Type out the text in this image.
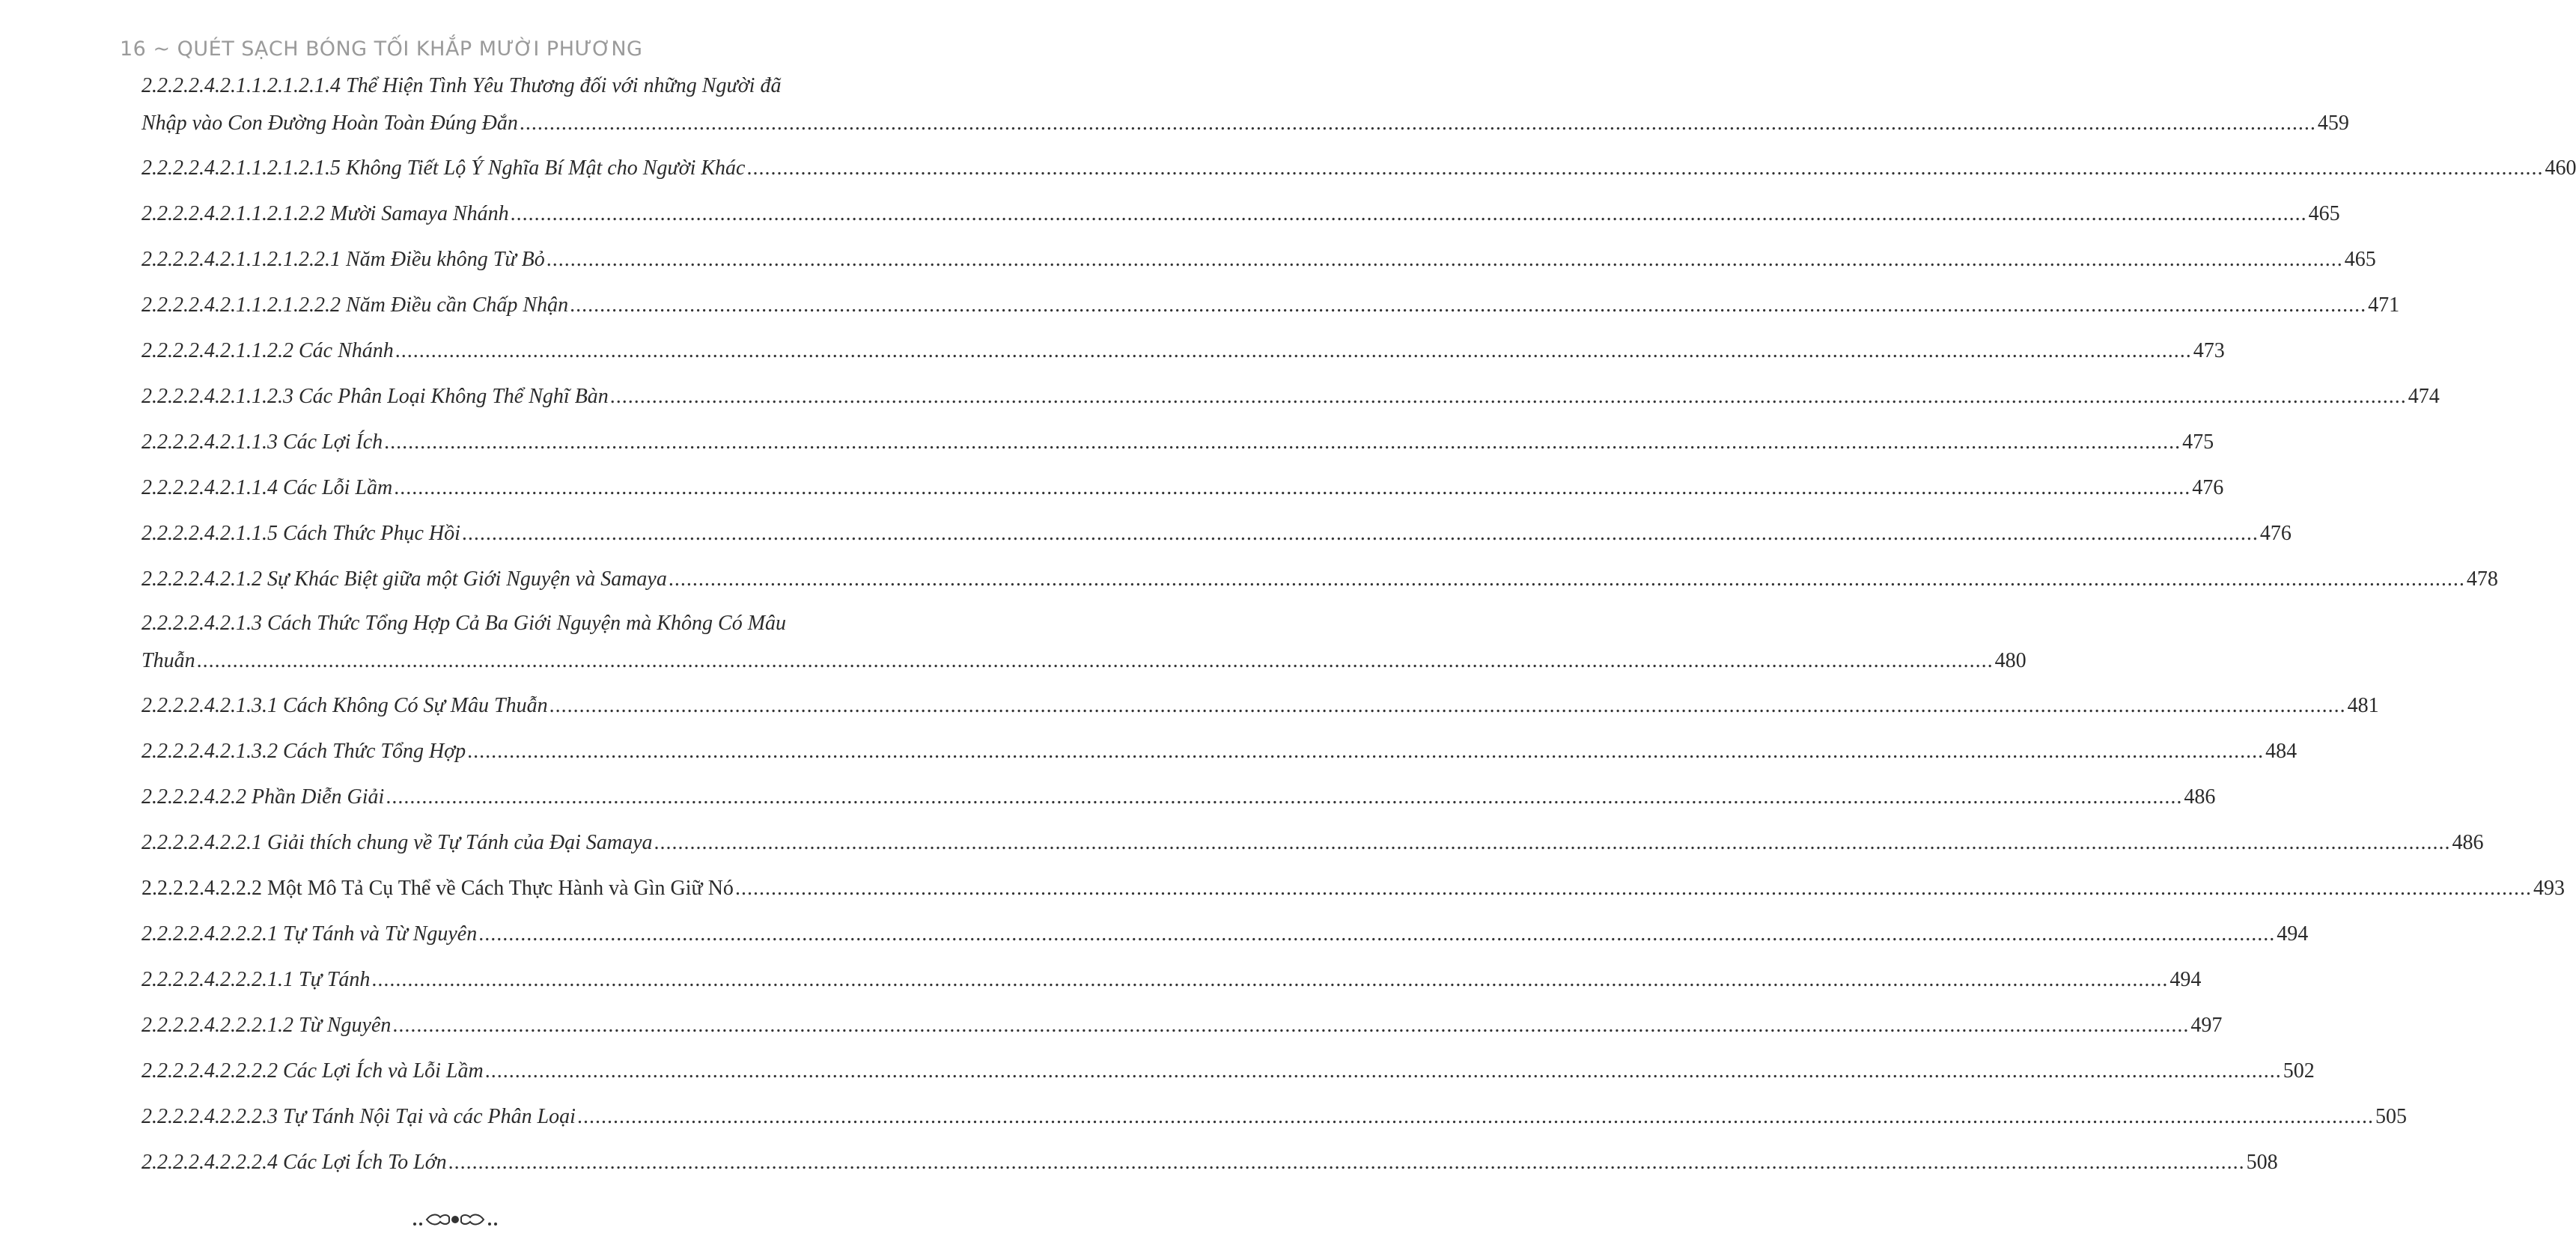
16 ~ QUÉT SẠCH BÓNG TỐI KHẮP MƯỜI PHƯƠNG
2.2.2.2.4.2.1.1.2.1.2.1.4 Thể Hiện Tình Yêu Thương đối với những Người đã
Nhập vào Con Đường Hoàn Toàn Đúng Đắn ............................................................................................................................................................................................................................................................................................................ 459
2.2.2.2.4.2.1.1.2.1.2.1.5 Không Tiết Lộ Ý Nghĩa Bí Mật cho Người Khác ............................................................................................................................................................................................................................................................................................................ 460
2.2.2.2.4.2.1.1.2.1.2.2 Mười Samaya Nhánh ............................................................................................................................................................................................................................................................................................................ 465
2.2.2.2.4.2.1.1.2.1.2.2.1 Năm Điều không Từ Bỏ ............................................................................................................................................................................................................................................................................................................ 465
2.2.2.2.4.2.1.1.2.1.2.2.2 Năm Điều cần Chấp Nhận ............................................................................................................................................................................................................................................................................................................ 471
2.2.2.2.4.2.1.1.2.2 Các Nhánh ............................................................................................................................................................................................................................................................................................................ 473
2.2.2.2.4.2.1.1.2.3 Các Phân Loại Không Thể Nghĩ Bàn ............................................................................................................................................................................................................................................................................................................ 474
2.2.2.2.4.2.1.1.3 Các Lợi Ích ............................................................................................................................................................................................................................................................................................................ 475
2.2.2.2.4.2.1.1.4 Các Lỗi Lầm ............................................................................................................................................................................................................................................................................................................ 476
2.2.2.2.4.2.1.1.5 Cách Thức Phục Hồi ............................................................................................................................................................................................................................................................................................................ 476
2.2.2.2.4.2.1.2 Sự Khác Biệt giữa một Giới Nguyện và Samaya ............................................................................................................................................................................................................................................................................................................ 478
2.2.2.2.4.2.1.3 Cách Thức Tổng Hợp Cả Ba Giới Nguyện mà Không Có Mâu
Thuẫn ............................................................................................................................................................................................................................................................................................................ 480
2.2.2.2.4.2.1.3.1 Cách Không Có Sự Mâu Thuẫn ............................................................................................................................................................................................................................................................................................................ 481
2.2.2.2.4.2.1.3.2 Cách Thức Tổng Hợp ............................................................................................................................................................................................................................................................................................................ 484
2.2.2.2.4.2.2 Phần Diễn Giải ............................................................................................................................................................................................................................................................................................................ 486
2.2.2.2.4.2.2.1 Giải thích chung về Tự Tánh của Đại Samaya ............................................................................................................................................................................................................................................................................................................ 486
2.2.2.2.4.2.2.2 Một Mô Tả Cụ Thể về Cách Thực Hành và Gìn Giữ Nó ............................................................................................................................................................................................................................................................................................................ 493
2.2.2.2.4.2.2.2.1 Tự Tánh và Từ Nguyên ............................................................................................................................................................................................................................................................................................................ 494
2.2.2.2.4.2.2.2.1.1 Tự Tánh ............................................................................................................................................................................................................................................................................................................ 494
2.2.2.2.4.2.2.2.1.2 Từ Nguyên ............................................................................................................................................................................................................................................................................................................ 497
2.2.2.2.4.2.2.2.2 Các Lợi Ích và Lỗi Lầm ............................................................................................................................................................................................................................................................................................................ 502
2.2.2.2.4.2.2.2.3 Tự Tánh Nội Tại và các Phân Loại ............................................................................................................................................................................................................................................................................................................ 505
2.2.2.2.4.2.2.2.4 Các Lợi Ích To Lớn ............................................................................................................................................................................................................................................................................................................ 508
